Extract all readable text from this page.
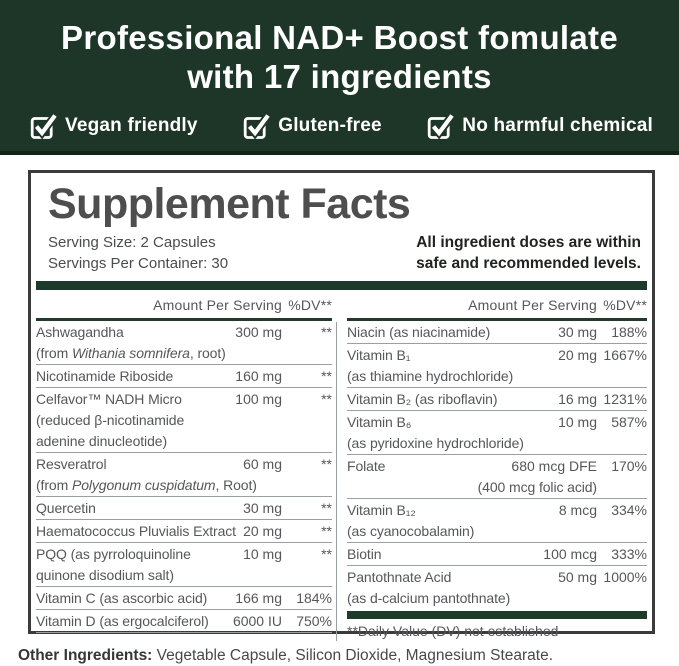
Professional NAD+ Boost fomulate
with 17 ingredients
Vegan friendly	Gluten-free	No harmful chemical
Supplement Facts
Serving Size: 2 Capsules
Servings Per Container: 30
All ingredient doses are within
safe and recommended levels.
Amount Per Serving %DV**
Ashwagandha	300 mg	**
(from Withania somnifera, root)
Nicotinamide Riboside	160 mg	**
Celfavor™ NADH Micro	100 mg	**
(reduced β-nicotinamide
adenine dinucleotide)
Resveratrol	60 mg	**
(from Polygonum cuspidatum, Root)
Quercetin	30 mg	**
Haematococcus Pluvialis Extract 20 mg	**
PQQ (as pyrroloquinoline	10 mg	**
quinone disodium salt)
Vitamin C (as ascorbic acid) 166 mg	184%
Vitamin D (as ergocalciferol) 6000 IU	750%
Amount Per Serving %DV**
Niacin (as niacinamide)	30 mg	188%
Vitamin B₁	20 mg 1667%
(as thiamine hydrochloride)
Vitamin B₂ (as riboflavin)	16 mg 1231%
Vitamin B₆	10 mg	587%
(as pyridoxine hydrochloride)
Folate	680 mcg DFE	170%
(400 mcg folic acid)
Vitamin B₁₂	8 mcg	334%
(as cyanocobalamin)
Biotin	100 mcg	333%
Pantothnate Acid	50 mg 1000%
(as d-calcium pantothnate)
**Daily Value (DV) not established

Other Ingredients: Vegetable Capsule, Silicon Dioxide, Magnesium Stearate.
